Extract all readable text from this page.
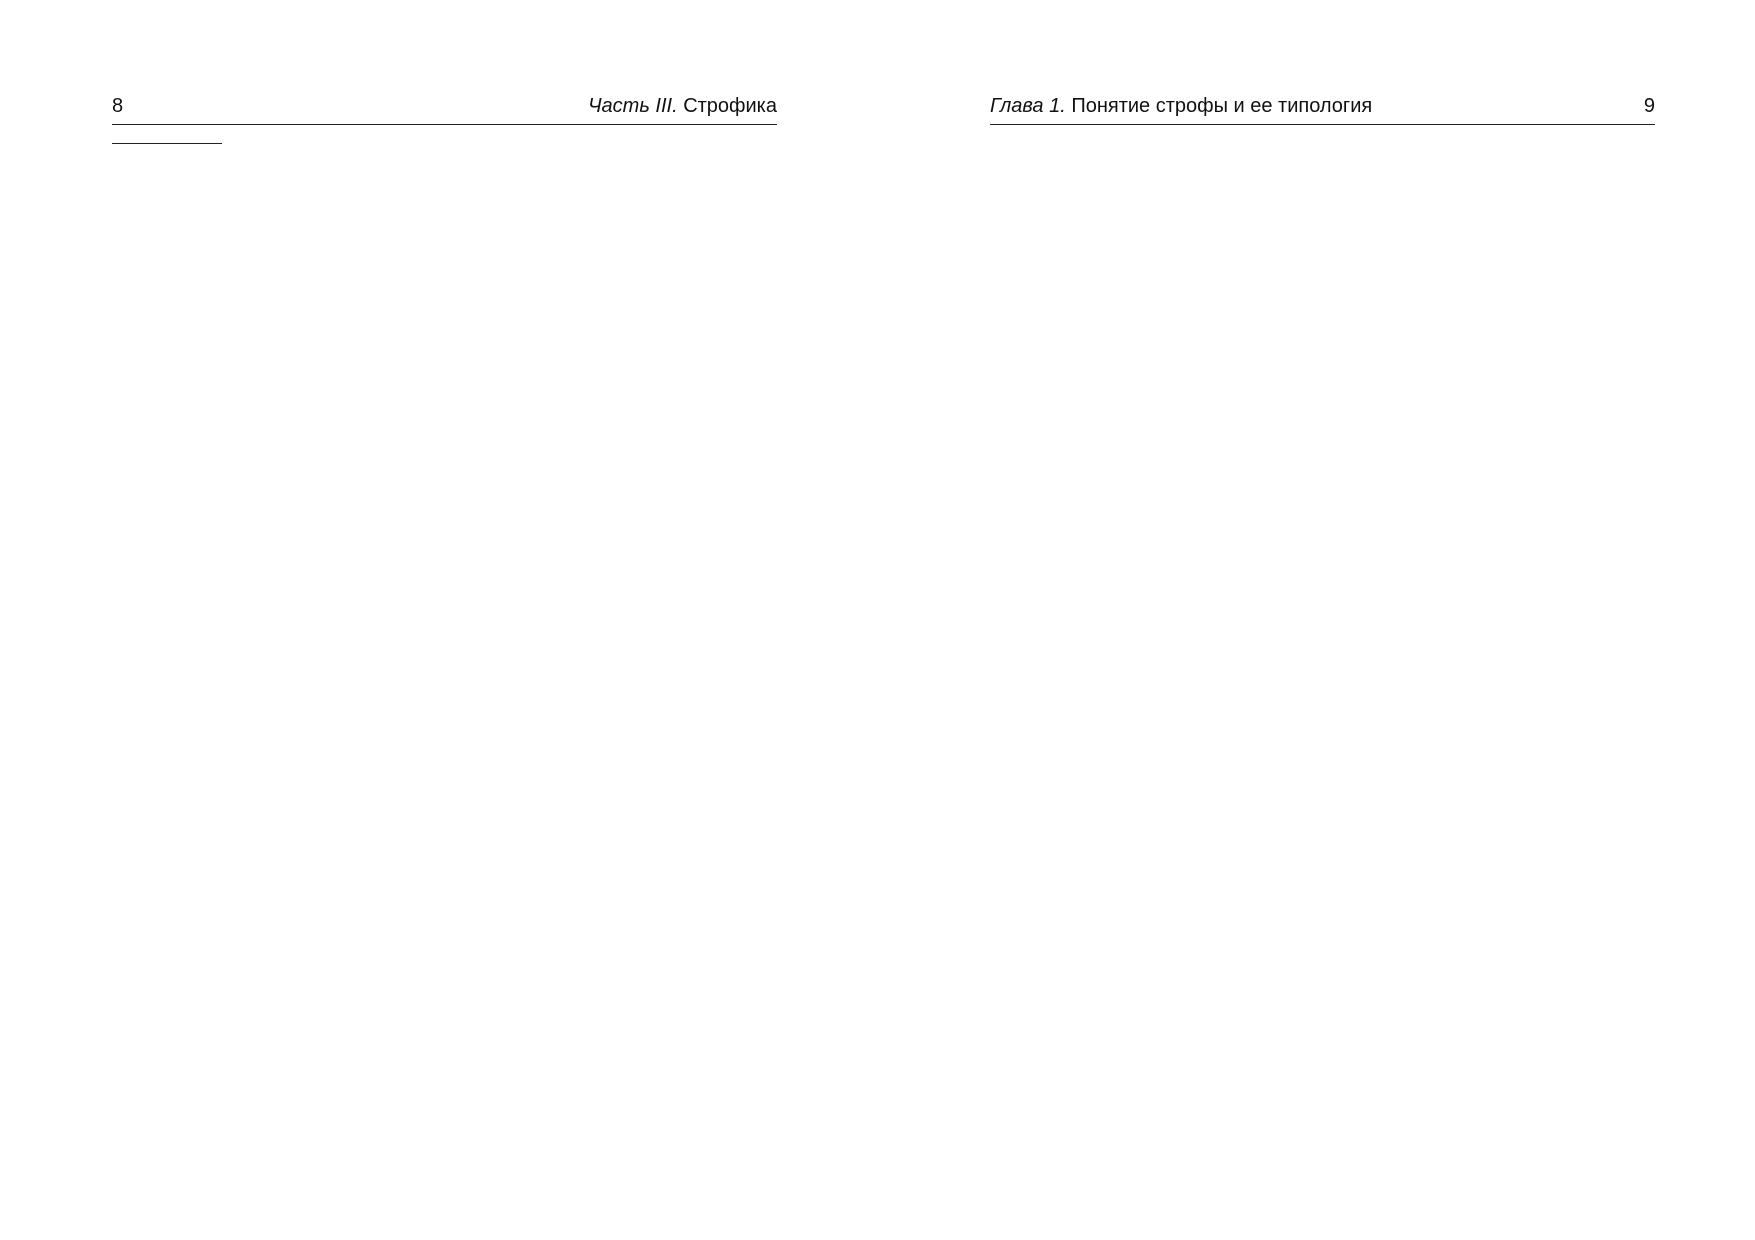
8	Часть III. Строфика	Глава 1. Понятие строфы и ее типология	9
